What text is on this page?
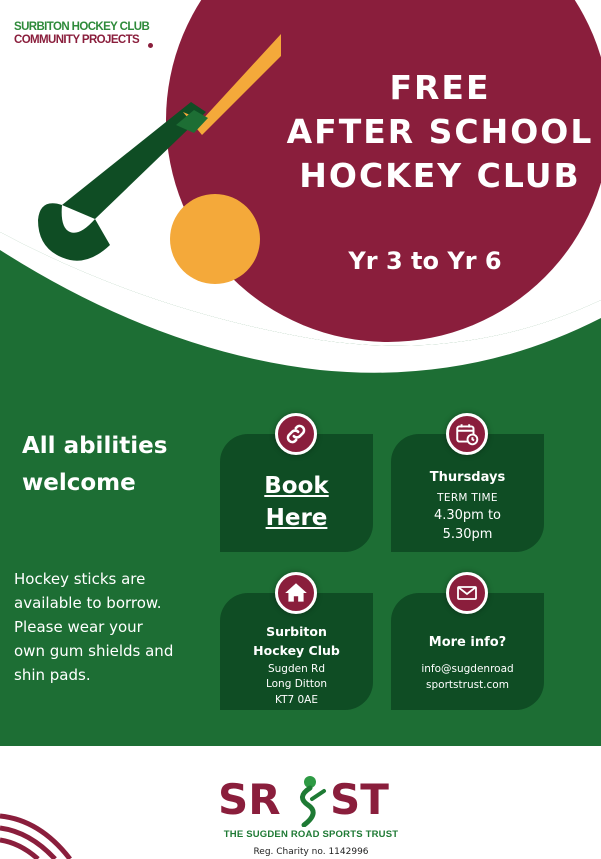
SURBITON HOCKEY CLUB
COMMUNITY PROJECTS
FREE
AFTER SCHOOL
HOCKEY CLUB
Yr 3 to Yr 6
All abilities
welcome
Hockey sticks are
available to borrow.
Please wear your
own gum shields and
shin pads.
Book
Here
Thursdays
TERM TIME
4.30pm to
5.30pm
Surbiton
Hockey Club
Sugden Rd
Long Ditton
KT7 0AE
More info?
info@sugdenroad
sportstrust.com
SR ST
THE SUGDEN ROAD SPORTS TRUST
Reg. Charity no. 1142996
